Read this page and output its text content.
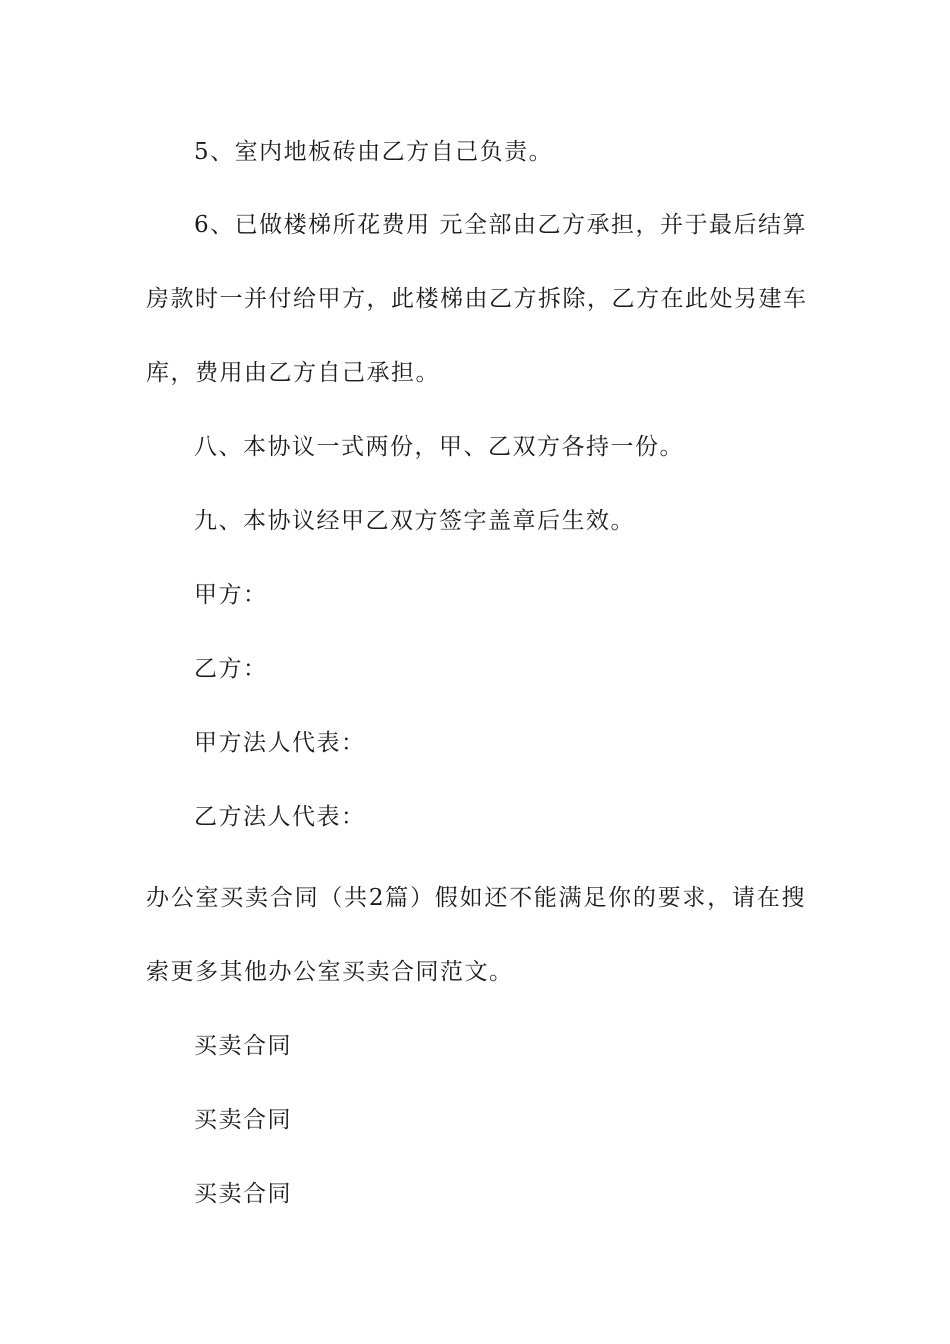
5、室内地板砖由乙方自己负责。
6、已做楼梯所花费用 元全部由乙方承担，并于最后结算
房款时一并付给甲方，此楼梯由乙方拆除，乙方在此处另建车
库，费用由乙方自己承担。
八、本协议一式两份，甲、乙双方各持一份。
九、本协议经甲乙双方签字盖章后生效。
甲方：
乙方：
甲方法人代表：
乙方法人代表：
办公室买卖合同（共2篇）假如还不能满足你的要求，请在搜
索更多其他办公室买卖合同范文。
买卖合同
买卖合同
买卖合同
